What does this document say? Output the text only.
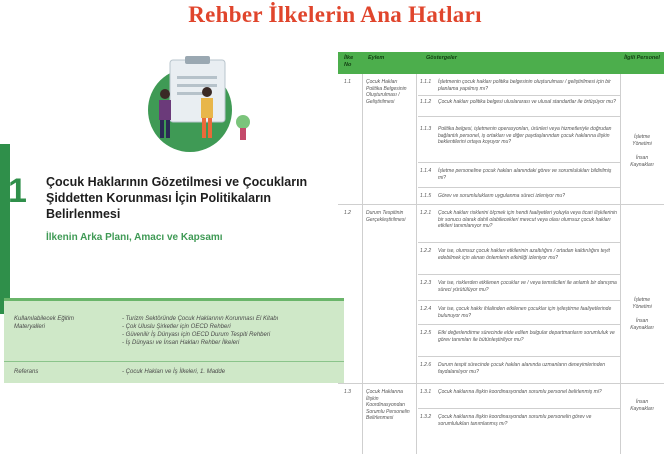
Rehber İlkelerin Ana Hatları
1 Çocuk Haklarının Gözetilmesi ve Çocukların
Şiddetten Korunması İçin Politikaların Belirlenmesi
İlkenin Arka Planı, Amacı ve Kapsamı
Kullanılabilecek Eğitim Materyalleri
- Turizm Sektöründe Çocuk Haklarının Korunması El Kitabı
- Çok Uluslu Şirketler için OECD Rehberi
- Güvenilir İş Dünyası için OECD Durum Tespiti Rehberi
- İş Dünyası ve İnsan Hakları Rehber İlkeleri
Referans	- Çocuk Hakları ve İş İlkeleri, 1. Madde
İlke No
Eylem	Göstergeler	İlgili Personel
1.1	Çocuk Hakları Politika Belgesinin Oluşturulması / Geliştirilmesi
1.1.1 İşletmenin çocuk hakları politika belgesinin oluşturulması / geliştirilmesi için bir planlama yapılmış mı?
1.1.2 Çocuk hakları politika belgesi uluslararası ve ulusal standartlar ile örtüşüyor mu?
1.1.3 Politika belgesi, işletmenin operasyonları, ürünleri veya hizmetleriyle doğrudan bağlantılı personel, iş ortakları ve diğer paydaşlarından çocuk haklarına ilişkin beklentilerini ortaya koyuyor mu?
1.1.4 İşletme personeline çocuk hakları alanındaki görev ve sorumlulukları bildirilmiş mi?
1.1.5 Görev ve sorumlulukların uygulanma süreci izleniyor mu?
İşletme Yönetimi
İnsan Kaynakları
1.2	Durum Tespitinin Gerçekleştirilmesi
1.2.1 Çocuk hakları risklerini ölçmek için hendi faaliyetleri yoluyla veya ticari ilişkilerinin bir sonucu olarak dahil olabilecekleri mevcut veya olası olumsuz çocuk hakları etkileri tanımlanıyor mu?
1.2.2 Var ise, olumsuz çocuk hakları etkilerinin azaltılığını / ortadan kaldırılığını teyit edebilmek için alınan önlemlerin etkinliği izleniyor mu?
1.2.3 Var ise, risklerden etkilenen çocuklar ve / veya temsilcileri ile anlamlı bir danışma süreci yürütülüyor mu?
1.2.4 Var ise, çocuk hakkı ihlalinden etkilenen çocuklar için iyileştirme faaliyetlerinde bulunuyor mu?
1.2.5 Etki değerlendirme sürecinde elde edilen bulgular departmanların sorumluluk ve görev tanımları ile bütünleştiriliyor mu?
1.2.6 Durum tespit sürecinde çocuk hakları alanında uzmanların deneyimlerinden faydalanılıyor mu?
İşletme Yönetimi
İnsan Kaynakları
1.3	Çocuk Haklarına İlişkin Koordinasyondan Sorumlu Personelin Belirlenmesi
1.3.1 Çocuk haklarına ilişkin koordinasyondan sorumlu personel belirlenmiş mi?
1.3.2 Çocuk haklarına ilişkin koordinasyondan sorumlu personelin görev ve sorumlulukları tanımlanmış mı?
İnsan Kaynakları
